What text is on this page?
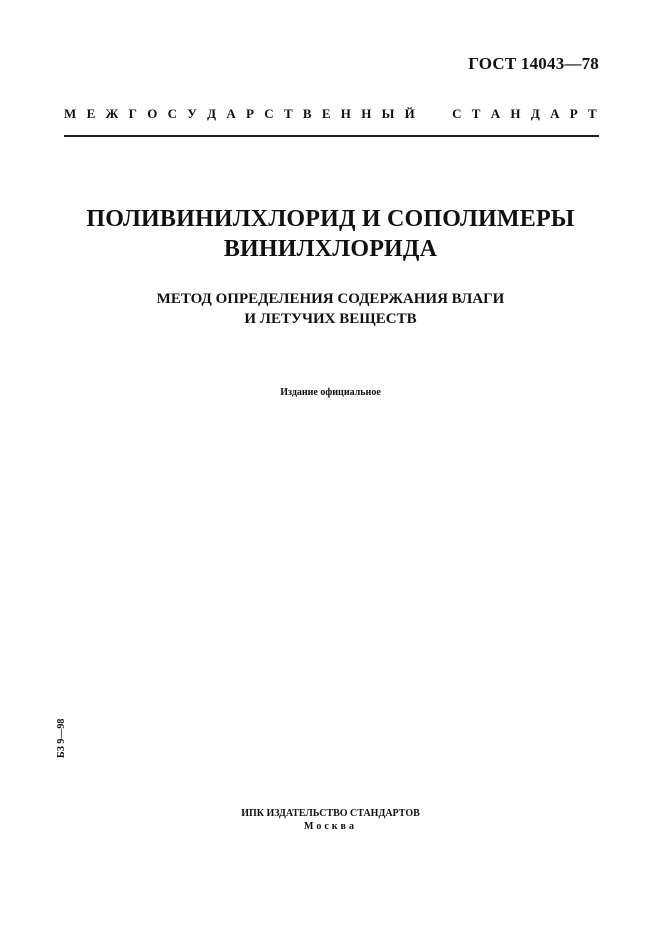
ГОСТ 14043—78
М Е Ж Г О С У Д А Р С Т В Е Н Н Ы Й

	С Т А Н Д А Р Т
ПОЛИВИНИЛХЛОРИД И СОПОЛИМЕРЫ
ВИНИЛХЛОРИДА
МЕТОД ОПРЕДЕЛЕНИЯ СОДЕРЖАНИЯ ВЛАГИ
И ЛЕТУЧИХ ВЕЩЕСТВ
Издание официальное
БЗ 9—98
ИПК ИЗДАТЕЛЬСТВО СТАНДАРТОВ
Москва
